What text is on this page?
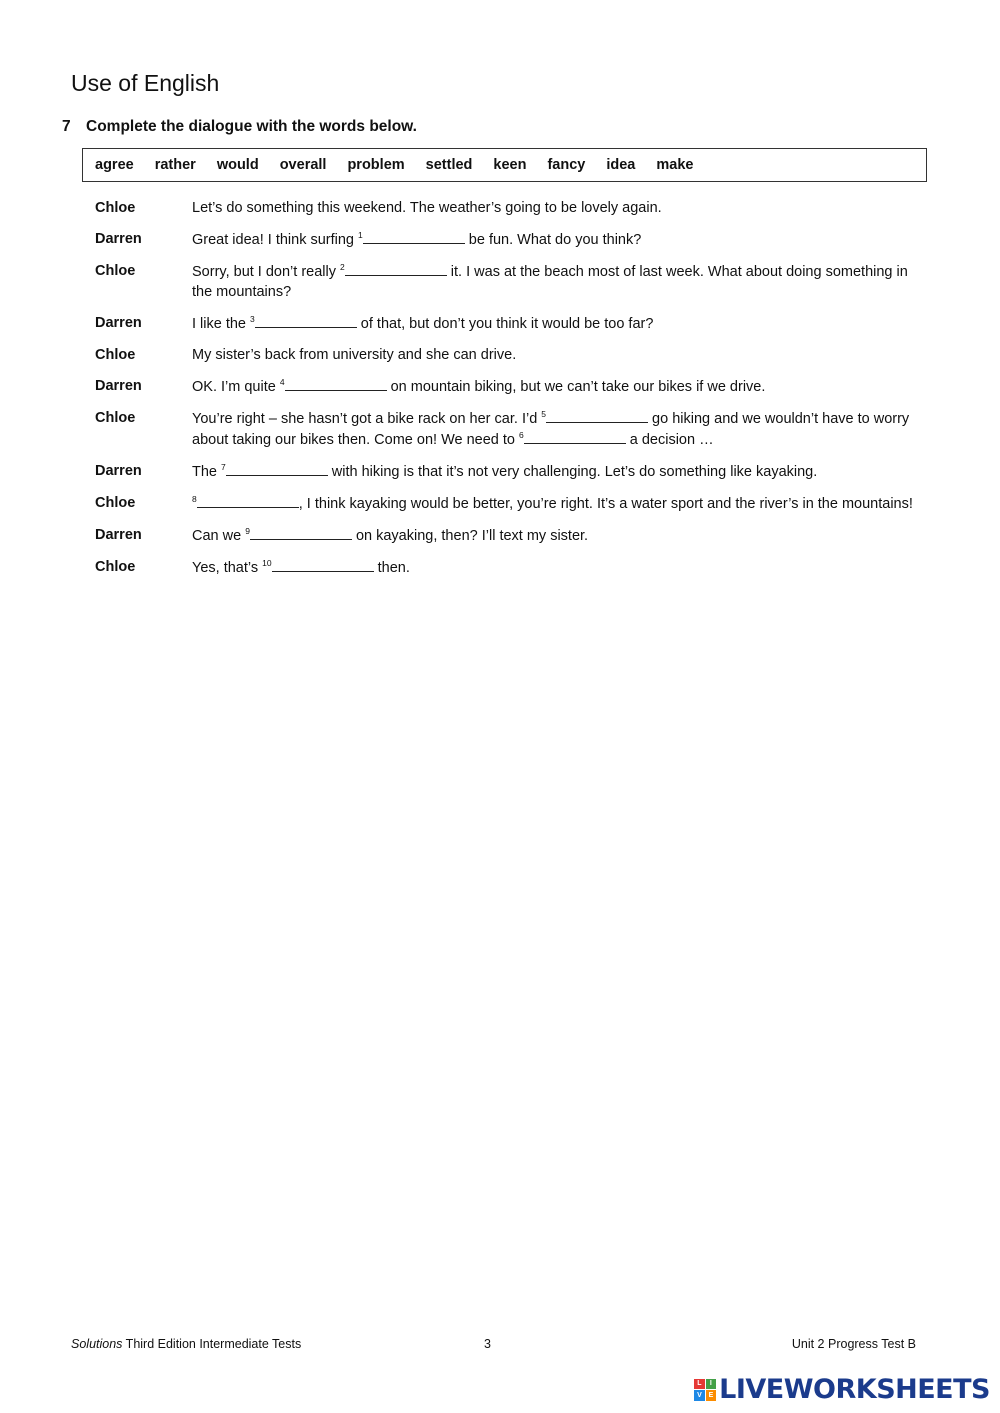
Use of English
7 Complete the dialogue with the words below.
agree rather would overall problem settled keen fancy idea make
Chloe	Let’s do something this weekend. The weather’s going to be lovely again.
Darren	Great idea! I think surfing $^1$	be fun. What do you think?
Chloe	Sorry, but I don’t really $^2$	it. I was at the beach most of last week. What about doing something in the mountains?
Darren	I like the $^3$	of that, but don’t you think it would be too far?
Chloe	My sister’s back from university and she can drive.
Darren	OK. I’m quite $^4$	on mountain biking, but we can’t take our bikes if we drive.
Chloe	You’re right – she hasn’t got a bike rack on her car. I’d $^5$	go hiking and we wouldn’t have to worry about taking our bikes then. Come on! We need to $^6$	a decision …
Darren	The $^7$	with hiking is that it’s not very challenging. Let’s do something like kayaking.
Chloe	$^8$	, I think kayaking would be better, you’re right. It’s a water sport and the river’s in the mountains!
Darren	Can we $^9$	on kayaking, then? I’ll text my sister.
Chloe	Yes, that’s $^{10}$	then.
Solutions Third Edition Intermediate Tests	3	Unit 2 Progress Test B
L	I
V E LIVEWORKSHEETS
